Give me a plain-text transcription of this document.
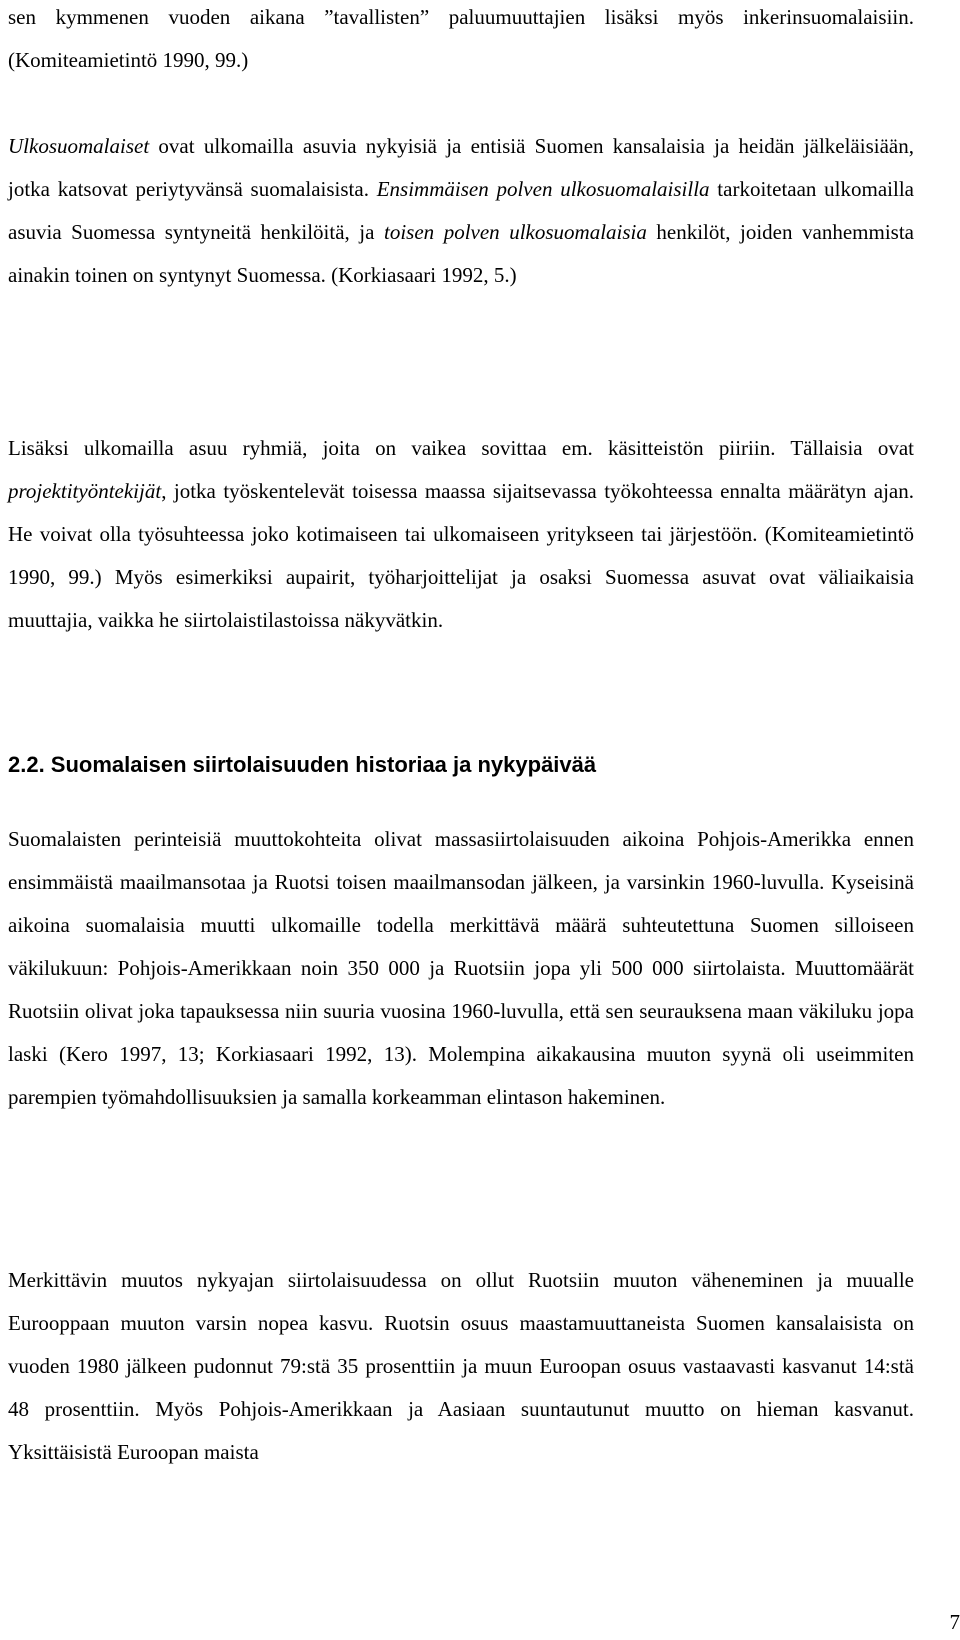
sen kymmenen vuoden aikana ”tavallisten” paluumuuttajien lisäksi myös inkerinsuomalaisiin. (Komiteamietintö 1990, 99.)

Ulkosuomalaiset ovat ulkomailla asuvia nykyisiä ja entisiä Suomen kansalaisia ja heidän jälkeläisiään, jotka katsovat periytyvänsä suomalaisista. Ensimmäisen polven ulkosuomalaisilla tarkoitetaan ulkomailla asuvia Suomessa syntyneitä henkilöitä, ja toisen polven ulkosuomalaisia henkilöt, joiden vanhemmista ainakin toinen on syntynyt Suomessa. (Korkiasaari 1992, 5.)

Lisäksi ulkomailla asuu ryhmiä, joita on vaikea sovittaa em. käsitteistön piiriin. Tällaisia ovat projektityöntekijät, jotka työskentelevät toisessa maassa sijaitsevassa työkohteessa ennalta määrätyn ajan. He voivat olla työsuhteessa joko kotimaiseen tai ulkomaiseen yritykseen tai järjestöön. (Komiteamietintö 1990, 99.) Myös esimerkiksi aupairit, työharjoittelijat ja osaksi Suomessa asuvat ovat väliaikaisia muuttajia, vaikka he siirtolaistilastoissa näkyvätkin.

2.2. Suomalaisen siirtolaisuuden historiaa ja nykypäivää

Suomalaisten perinteisiä muuttokohteita olivat massasiirtolaisuuden aikoina Pohjois-Amerikka ennen ensimmäistä maailmansotaa ja Ruotsi toisen maailmansodan jälkeen, ja varsinkin 1960-luvulla. Kyseisinä aikoina suomalaisia muutti ulkomaille todella merkittävä määrä suhteutettuna Suomen silloiseen väkilukuun: Pohjois-Amerikkaan noin 350 000 ja Ruotsiin jopa yli 500 000 siirtolaista. Muuttomäärät Ruotsiin olivat joka tapauksessa niin suuria vuosina 1960-luvulla, että sen seurauksena maan väkiluku jopa laski (Kero 1997, 13; Korkiasaari 1992, 13). Molempina aikakausina muuton syynä oli useimmiten parempien työmahdollisuuksien ja samalla korkeamman elintason hakeminen.

Merkittävin muutos nykyajan siirtolaisuudessa on ollut Ruotsiin muuton väheneminen ja muualle Eurooppaan muuton varsin nopea kasvu. Ruotsin osuus maastamuuttaneista Suomen kansalaisista on vuoden 1980 jälkeen pudonnut 79:stä 35 prosenttiin ja muun Euroopan osuus vastaavasti kasvanut 14:stä 48 prosenttiin. Myös Pohjois-Amerikkaan ja Aasiaan suuntautunut muutto on hieman kasvanut. Yksittäisistä Euroopan maista

7
